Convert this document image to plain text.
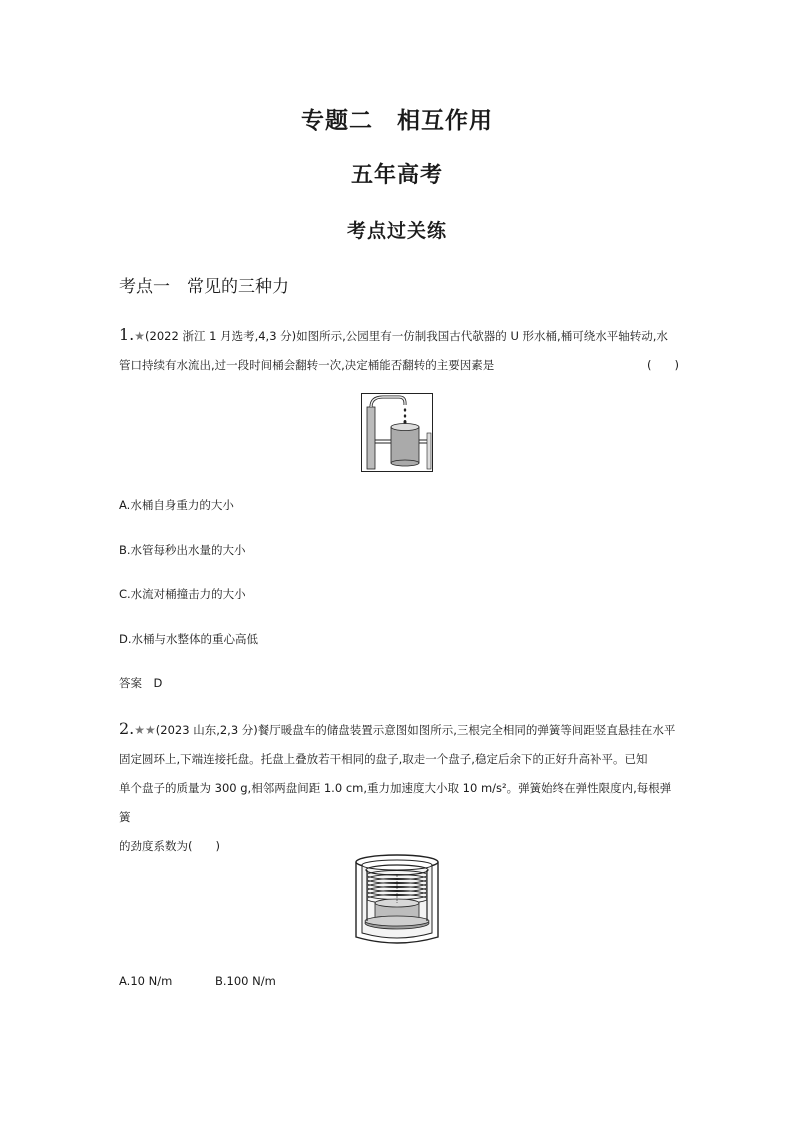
专题二　相互作用
五年高考
考点过关练
考点一　常见的三种力
1.★(2022 浙江 1 月选考,4,3 分)如图所示,公园里有一仿制我国古代欹器的 U 形水桶,桶可绕水平轴转动,水
管口持续有水流出,过一段时间桶会翻转一次,决定桶能否翻转的主要因素是	(　　)
A.水桶自身重力的大小
B.水管每秒出水量的大小
C.水流对桶撞击力的大小
D.水桶与水整体的重心高低
答案　D
2.★★(2023 山东,2,3 分)餐厅暖盘车的储盘装置示意图如图所示,三根完全相同的弹簧等间距竖直悬挂在水平
固定圆环上,下端连接托盘。托盘上叠放若干相同的盘子,取走一个盘子,稳定后余下的正好升高补平。已知
单个盘子的质量为 300 g,相邻两盘间距 1.0 cm,重力加速度大小取 10 m/s²。弹簧始终在弹性限度内,每根弹簧
的劲度系数为(　　)
A.10 N/m	B.100 N/m
